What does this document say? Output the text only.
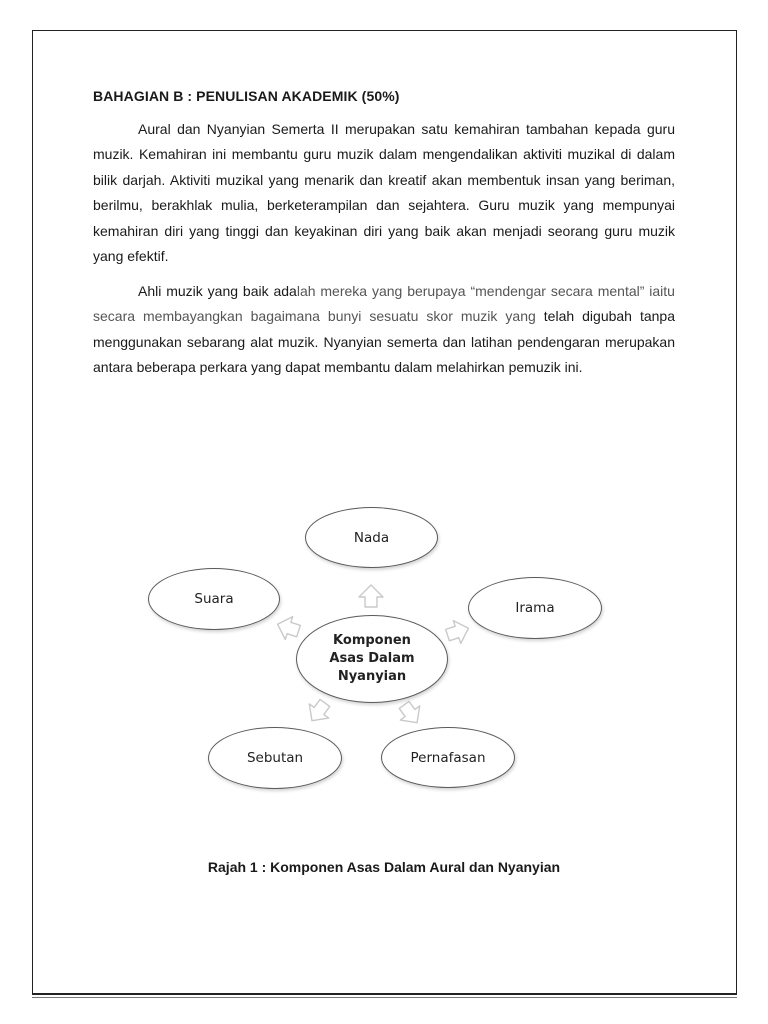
BAHAGIAN B : PENULISAN AKADEMIK (50%)

Aural dan Nyanyian Semerta II merupakan satu kemahiran tambahan kepada guru muzik. Kemahiran ini membantu guru muzik dalam mengendalikan aktiviti muzikal di dalam bilik darjah. Aktiviti muzikal yang menarik dan kreatif akan membentuk insan yang beriman, berilmu, berakhlak mulia, berketerampilan dan sejahtera. Guru muzik yang mempunyai kemahiran diri yang tinggi dan keyakinan diri yang baik akan menjadi seorang guru muzik yang efektif.

Ahli muzik yang baik adalah mereka yang berupaya “mendengar secara mental” iaitu secara membayangkan bagaimana bunyi sesuatu skor muzik yang telah digubah tanpa menggunakan sebarang alat muzik. Nyanyian semerta dan latihan pendengaran merupakan antara beberapa perkara yang dapat membantu dalam melahirkan pemuzik ini.

Nada
Irama
Pernafasan
Sebutan
Suara
Komponen
Asas Dalam
Nyanyian
Rajah 1 : Komponen Asas Dalam Aural dan Nyanyian
